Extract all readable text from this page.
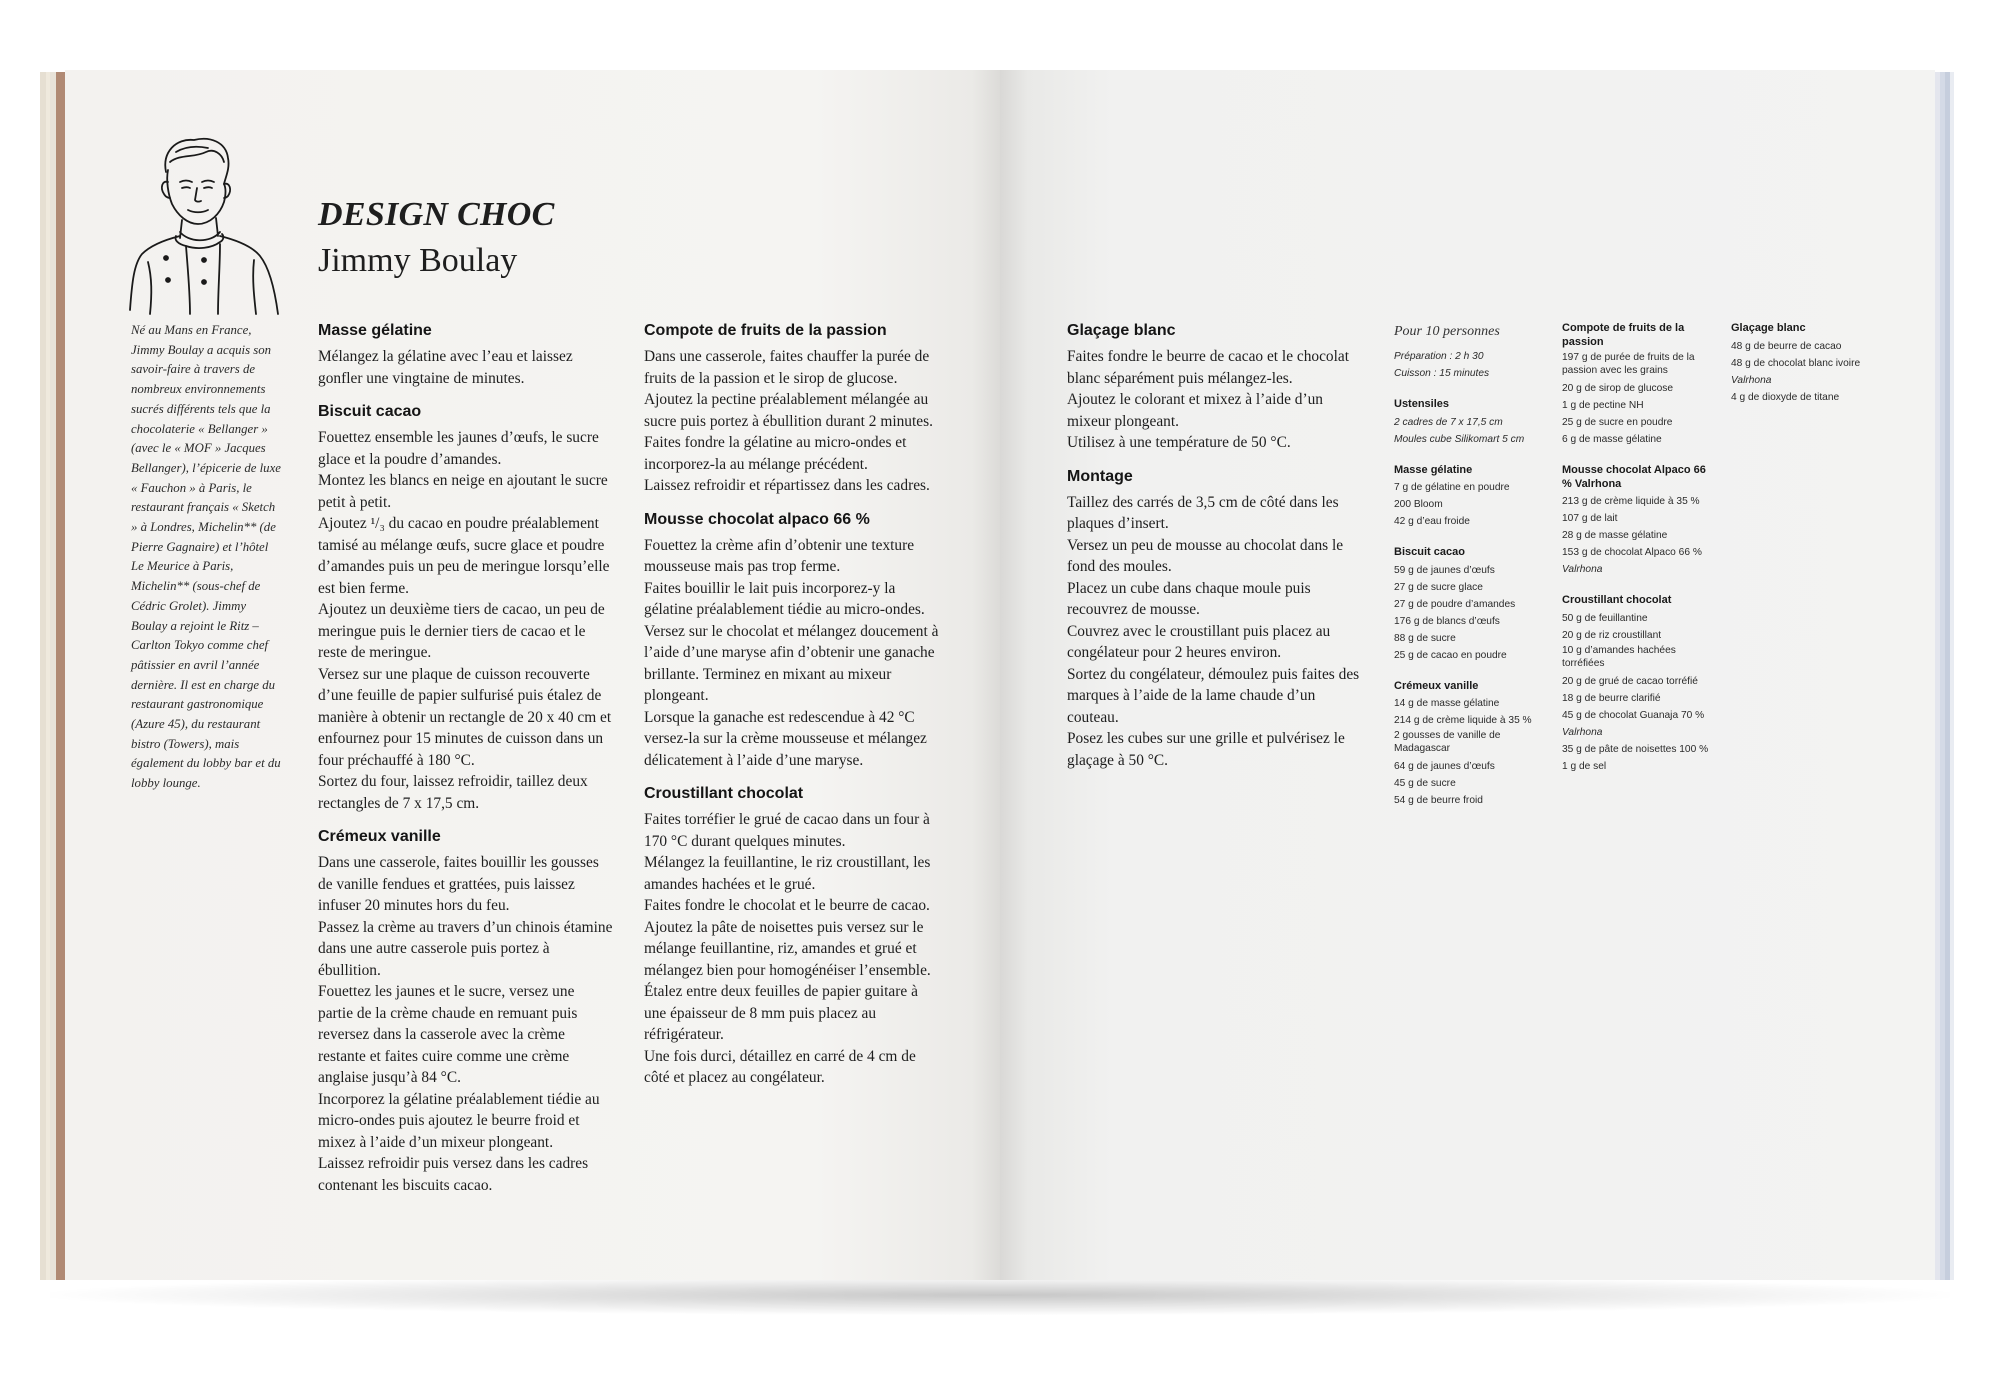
Né au Mans en France, Jimmy Boulay a acquis son savoir-faire à travers de nombreux environnements sucrés différents tels que la chocolaterie « Bellanger » (avec le « MOF » Jacques Bellanger), l’épicerie de luxe « Fauchon » à Paris, le restaurant français « Sketch » à Londres, Michelin** (de Pierre Gagnaire) et l’hôtel Le Meurice à Paris, Michelin** (sous-chef de Cédric Grolet). Jimmy Boulay a rejoint le Ritz – Carlton Tokyo comme chef pâtissier en avril l’année dernière. Il est en charge du restaurant gastronomique (Azure 45), du restaurant bistro (Towers), mais également du lobby bar et du lobby lounge.
DESIGN CHOC
Jimmy Boulay
Masse gélatine

Mélangez la gélatine avec l’eau et laissez gonfler une vingtaine de minutes.

Biscuit cacao

Fouettez ensemble les jaunes d’œufs, le sucre glace et la poudre d’amandes.

Montez les blancs en neige en ajoutant le sucre petit à petit.

Ajoutez ¹/₃ du cacao en poudre préalablement tamisé au mélange œufs, sucre glace et poudre d’amandes puis un peu de meringue lorsqu’elle est bien ferme.

Ajoutez un deuxième tiers de cacao, un peu de meringue puis le dernier tiers de cacao et le reste de meringue.

Versez sur une plaque de cuisson recouverte d’une feuille de papier sulfurisé puis étalez de manière à obtenir un rectangle de 20 x 40 cm et enfournez pour 15 minutes de cuisson dans un four préchauffé à 180 °C.

Sortez du four, laissez refroidir, taillez deux rectangles de 7 x 17,5 cm.

Crémeux vanille

Dans une casserole, faites bouillir les gousses de vanille fendues et grattées, puis laissez infuser 20 minutes hors du feu.

Passez la crème au travers d’un chinois étamine dans une autre casserole puis portez à ébullition.

Fouettez les jaunes et le sucre, versez une partie de la crème chaude en remuant puis reversez dans la casserole avec la crème restante et faites cuire comme une crème anglaise jusqu’à 84 °C.

Incorporez la gélatine préalablement tiédie au micro-ondes puis ajoutez le beurre froid et mixez à l’aide d’un mixeur plongeant.

Laissez refroidir puis versez dans les cadres contenant les biscuits cacao.

Compote de fruits de la passion

Dans une casserole, faites chauffer la purée de fruits de la passion et le sirop de glucose.

Ajoutez la pectine préalablement mélangée au sucre puis portez à ébullition durant 2 minutes.

Faites fondre la gélatine au micro-ondes et incorporez-la au mélange précédent.

Laissez refroidir et répartissez dans les cadres.

Mousse chocolat alpaco 66 %

Fouettez la crème afin d’obtenir une texture mousseuse mais pas trop ferme.

Faites bouillir le lait puis incorporez-y la gélatine préalablement tiédie au micro-ondes.

Versez sur le chocolat et mélangez doucement à l’aide d’une maryse afin d’obtenir une ganache brillante. Terminez en mixant au mixeur plongeant.

Lorsque la ganache est redescendue à 42 °C versez-la sur la crème mousseuse et mélangez délicatement à l’aide d’une maryse.

Croustillant chocolat

Faites torréfier le grué de cacao dans un four à 170 °C durant quelques minutes.

Mélangez la feuillantine, le riz croustillant, les amandes hachées et le grué.

Faites fondre le chocolat et le beurre de cacao.

Ajoutez la pâte de noisettes puis versez sur le mélange feuillantine, riz, amandes et grué et mélangez bien pour homogénéiser l’ensemble.

Étalez entre deux feuilles de papier guitare à une épaisseur de 8 mm puis placez au réfrigérateur.

Une fois durci, détaillez en carré de 4 cm de côté et placez au congélateur.

Glaçage blanc

Faites fondre le beurre de cacao et le chocolat blanc séparément puis mélangez-les.

Ajoutez le colorant et mixez à l’aide d’un mixeur plongeant.

Utilisez à une température de 50 °C.

Montage

Taillez des carrés de 3,5 cm de côté dans les plaques d’insert.

Versez un peu de mousse au chocolat dans le fond des moules.

Placez un cube dans chaque moule puis recouvrez de mousse.

Couvrez avec le croustillant puis placez au congélateur pour 2 heures environ.

Sortez du congélateur, démoulez puis faites des marques à l’aide de la lame chaude d’un couteau.

Posez les cubes sur une grille et pulvérisez le glaçage à 50 °C.

Pour 10 personnes
Préparation : 2 h 30
Cuisson : 15 minutes
Ustensiles
2 cadres de 7 x 17,5 cm
Moules cube Silikomart 5 cm
Masse gélatine
7 g de gélatine en poudre
200 Bloom
42 g d’eau froide
Biscuit cacao
59 g de jaunes d’œufs
27 g de sucre glace
27 g de poudre d’amandes
176 g de blancs d’œufs
88 g de sucre
25 g de cacao en poudre
Crémeux vanille
14 g de masse gélatine
214 g de crème liquide à 35 %
2 gousses de vanille de Madagascar
64 g de jaunes d’œufs
45 g de sucre
54 g de beurre froid
Compote de fruits de la passion
197 g de purée de fruits de la passion avec les grains
20 g de sirop de glucose
1 g de pectine NH
25 g de sucre en poudre
6 g de masse gélatine
Mousse chocolat Alpaco 66 % Valrhona
213 g de crème liquide à 35 %
107 g de lait
28 g de masse gélatine
153 g de chocolat Alpaco 66 %
Valrhona
Croustillant chocolat
50 g de feuillantine
20 g de riz croustillant
10 g d’amandes hachées torréfiées
20 g de grué de cacao torréfié
18 g de beurre clarifié
45 g de chocolat Guanaja 70 %
Valrhona
35 g de pâte de noisettes 100 %
1 g de sel
Glaçage blanc
48 g de beurre de cacao
48 g de chocolat blanc ivoire
Valrhona
4 g de dioxyde de titane
